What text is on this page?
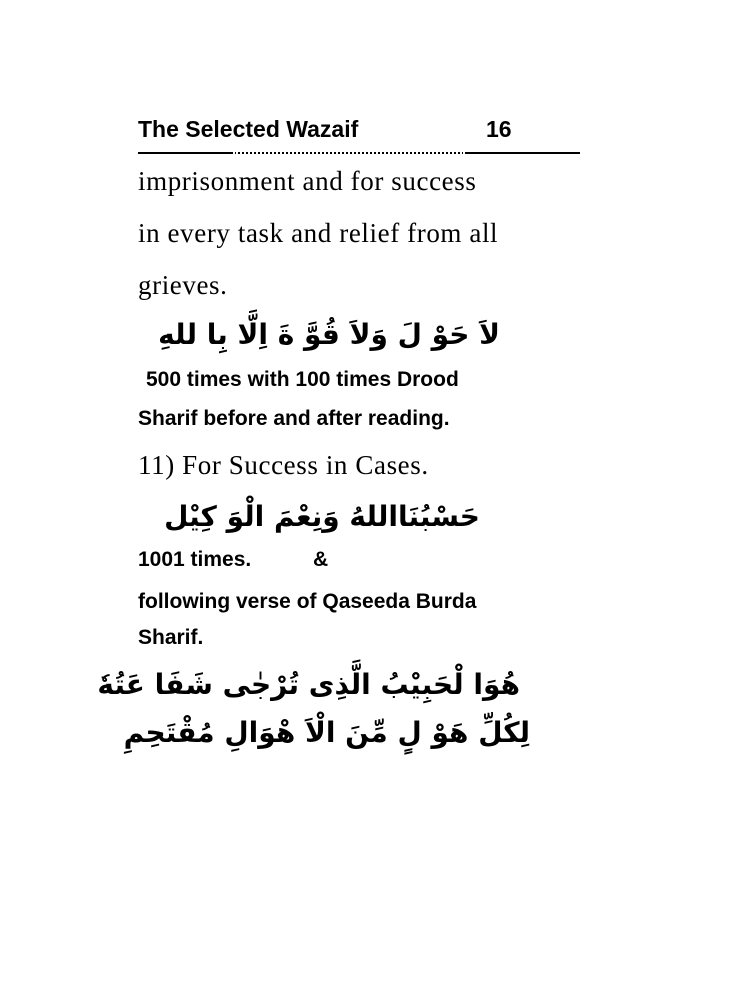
The Selected Wazaif	16
imprisonment and for success
in every task and relief from all
grieves.
لاَ حَوْ لَ وَلاَ قُوَّ ةَ اِلَّا بِا للهِ
500 times with 100 times Drood
Sharif before and after reading.
11) For Success in Cases.
حَسْبُنَااللهُ وَنِعْمَ الْوَ كِيْل
1001 times.	&
following verse of Qaseeda Burda
Sharif.
هُوَا لْحَبِيْبُ الَّذِى تُرْجٰى شَفَا عَتُهٗ
لِكُلِّ هَوْ لٍ مِّنَ الْاَ هْوَالِ مُقْتَحِمِ
